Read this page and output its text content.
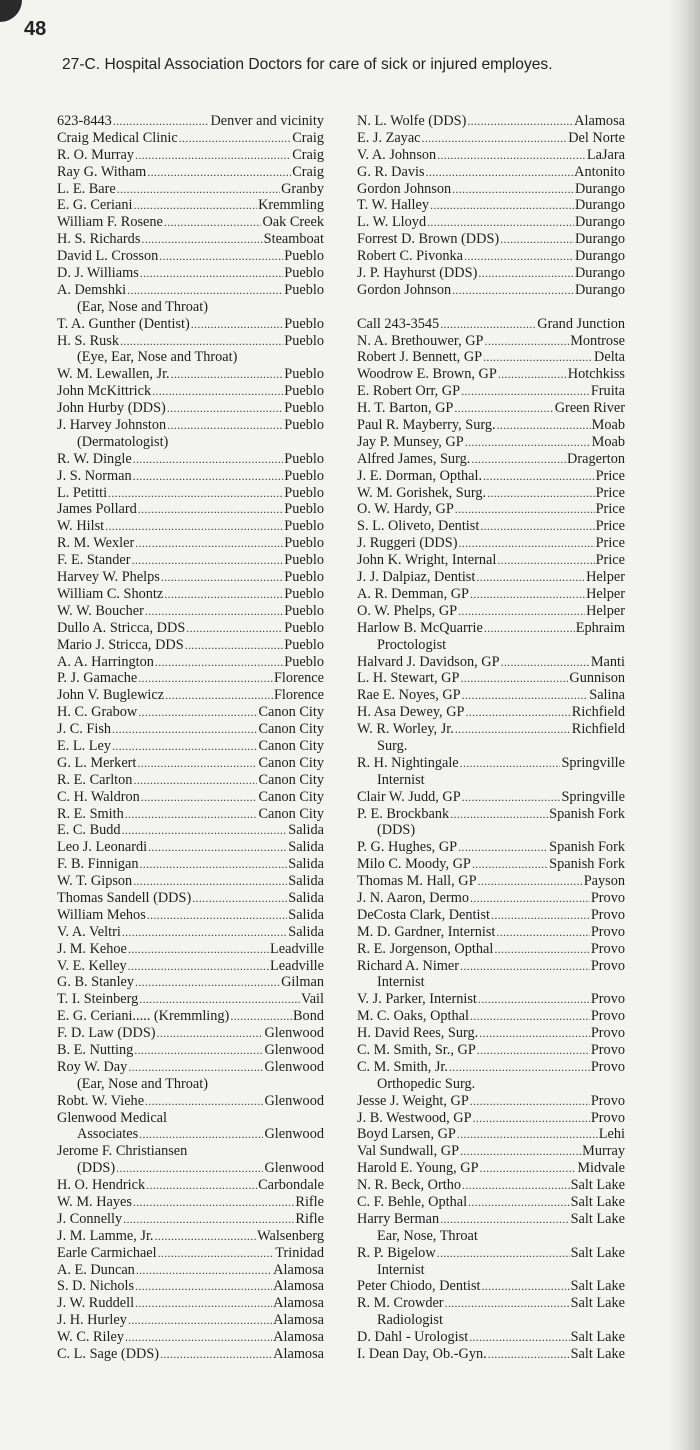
48
27-C. Hospital Association Doctors for care of sick or injured employes.
623-8443 .....	Denver and vicinity
Craig Medical Clinic .....	Craig
R. O. Murray .....	Craig
Ray G. Witham .....	Craig
L. E. Bare .....	Granby
E. G. Ceriani .....	Kremmling
William F. Rosene .....	Oak Creek
H. S. Richards .....	Steamboat
David L. Crosson .....	Pueblo
D. J. Williams .....	Pueblo
A. Demshki .....	Pueblo
(Ear, Nose and Throat)
T. A. Gunther (Dentist) .....	Pueblo
H. S. Rusk .....	Pueblo
(Eye, Ear, Nose and Throat)
W. M. Lewallen, Jr. .....	Pueblo
John McKittrick .....	Pueblo
John Hurby (DDS) .....	Pueblo
J. Harvey Johnston .....	Pueblo
(Dermatologist)
R. W. Dingle .....	Pueblo
J. S. Norman .....	Pueblo
L. Petitti .....	Pueblo
James Pollard .....	Pueblo
W. Hilst .....	Pueblo
R. M. Wexler .....	Pueblo
F. E. Stander .....	Pueblo
Harvey W. Phelps .....	Pueblo
William C. Shontz .....	Pueblo
W. W. Boucher .....	Pueblo
Dullo A. Stricca, DDS .....	Pueblo
Mario J. Stricca, DDS .....	Pueblo
A. A. Harrington .....	Pueblo
P. J. Gamache .....	Florence
John V. Buglewicz .....	Florence
H. C. Grabow .....	Canon City
J. C. Fish .....	Canon City
E. L. Ley .....	Canon City
G. L. Merkert .....	Canon City
R. E. Carlton .....	Canon City
C. H. Waldron .....	Canon City
R. E. Smith .....	Canon City
E. C. Budd .....	Salida
Leo J. Leonardi .....	Salida
F. B. Finnigan .....	Salida
W. T. Gipson .....	Salida
Thomas Sandell (DDS) .....	Salida
William Mehos .....	Salida
V. A. Veltri .....	Salida
J. M. Kehoe .....	Leadville
V. E. Kelley .....	Leadville
G. B. Stanley .....	Gilman
T. I. Steinberg .....	Vail
E. G. Ceriani..... (Kremmling) .....	Bond
F. D. Law (DDS) .....	Glenwood
B. E. Nutting .....	Glenwood
Roy W. Day .....	Glenwood
(Ear, Nose and Throat)
Robt. W. Viehe .....	Glenwood
Glenwood Medical
Associates .....	Glenwood
Jerome F. Christiansen
(DDS) .....	Glenwood
H. O. Hendrick .....	Carbondale
W. M. Hayes .....	Rifle
J. Connelly .....	Rifle
J. M. Lamme, Jr. .....	Walsenberg
Earle Carmichael .....	Trinidad
A. E. Duncan .....	Alamosa
S. D. Nichols .....	Alamosa
J. W. Ruddell .....	Alamosa
J. H. Hurley .....	Alamosa
W. C. Riley .....	Alamosa
C. L. Sage (DDS) .....	Alamosa
N. L. Wolfe (DDS) .....	Alamosa
E. J. Zayac .....	Del Norte
V. A. Johnson .....	LaJara
G. R. Davis .....	Antonito
Gordon Johnson .....	Durango
T. W. Halley .....	Durango
L. W. Lloyd .....	Durango
Forrest D. Brown (DDS) .....	Durango
Robert C. Pivonka .....	Durango
J. P. Hayhurst (DDS) .....	Durango
Gordon Johnson .....	Durango
Call 243-3545 .....	Grand Junction
N. A. Brethouwer, GP .....	Montrose
Robert J. Bennett, GP .....	Delta
Woodrow E. Brown, GP .....	Hotchkiss
E. Robert Orr, GP .....	Fruita
H. T. Barton, GP .....	Green River
Paul R. Mayberry, Surg. .....	Moab
Jay P. Munsey, GP .....	Moab
Alfred James, Surg. .....	Dragerton
J. E. Dorman, Opthal. .....	Price
W. M. Gorishek, Surg. .....	Price
O. W. Hardy, GP .....	Price
S. L. Oliveto, Dentist .....	Price
J. Ruggeri (DDS) .....	Price
John K. Wright, Internal .....	Price
J. J. Dalpiaz, Dentist .....	Helper
A. R. Demman, GP .....	Helper
O. W. Phelps, GP .....	Helper
Harlow B. McQuarrie .....	Ephraim
Proctologist
Halvard J. Davidson, GP .....	Manti
L. H. Stewart, GP .....	Gunnison
Rae E. Noyes, GP .....	Salina
H. Asa Dewey, GP .....	Richfield
W. R. Worley, Jr. .....	Richfield
Surg.
R. H. Nightingale .....	Springville
Internist
Clair W. Judd, GP .....	Springville
P. E. Brockbank .....	Spanish Fork
(DDS)
P. G. Hughes, GP .....	Spanish Fork
Milo C. Moody, GP .....	Spanish Fork
Thomas M. Hall, GP .....	Payson
J. N. Aaron, Dermo .....	Provo
DeCosta Clark, Dentist .....	Provo
M. D. Gardner, Internist .....	Provo
R. E. Jorgenson, Opthal .....	Provo
Richard A. Nimer .....	Provo
Internist
V. J. Parker, Internist .....	Provo
M. C. Oaks, Opthal .....	Provo
H. David Rees, Surg. .....	Provo
C. M. Smith, Sr., GP .....	Provo
C. M. Smith, Jr. .....	Provo
Orthopedic Surg.
Jesse J. Weight, GP .....	Provo
J. B. Westwood, GP .....	Provo
Boyd Larsen, GP .....	Lehi
Val Sundwall, GP .....	Murray
Harold E. Young, GP .....	Midvale
N. R. Beck, Ortho .....	Salt Lake
C. F. Behle, Opthal .....	Salt Lake
Harry Berman .....	Salt Lake
Ear, Nose, Throat
R. P. Bigelow .....	Salt Lake
Internist
Peter Chiodo, Dentist .....	Salt Lake
R. M. Crowder .....	Salt Lake
Radiologist
D. Dahl - Urologist .....	Salt Lake
I. Dean Day, Ob.-Gyn. .....	Salt Lake
